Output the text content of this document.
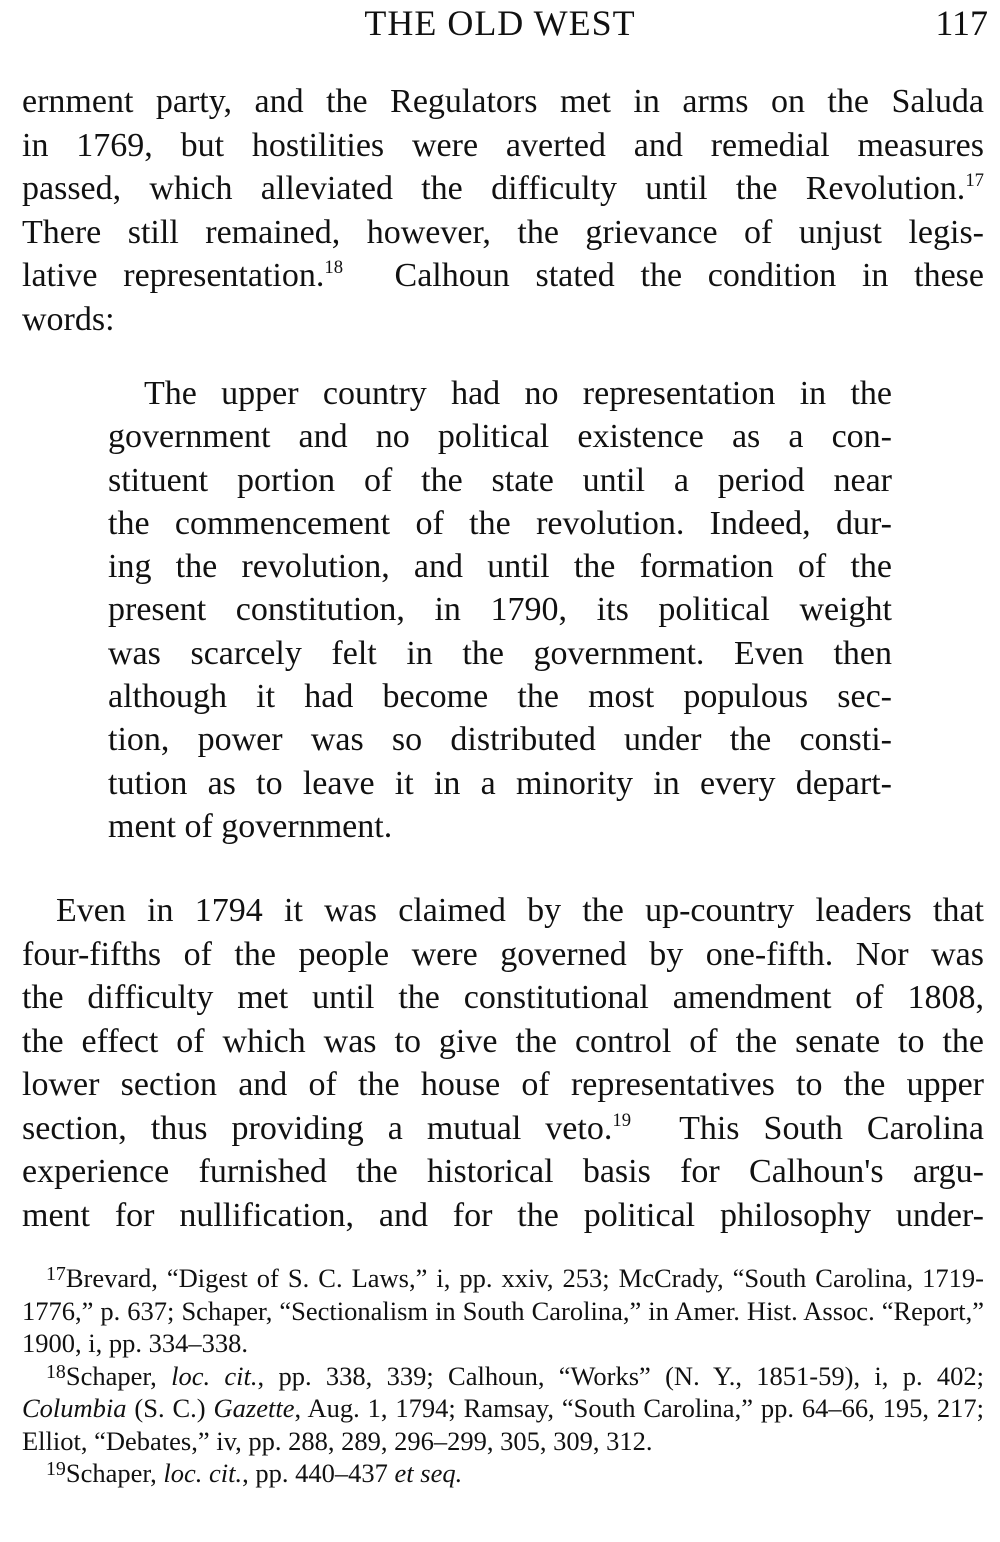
THE OLD WEST	117
ernment party, and the Regulators met in arms on the Saluda
in 1769, but hostilities were averted and remedial measures
passed, which alleviated the difficulty until the Revolution.$^{17}$
There still remained, however, the grievance of unjust legis-
lative representation.$^{18}$ Calhoun stated the condition in these
words:
The upper country had no representation in the
government and no political existence as a con-
stituent portion of the state until a period near
the commencement of the revolution. Indeed, dur-
ing the revolution, and until the formation of the
present constitution, in 1790, its political weight
was scarcely felt in the government. Even then
although it had become the most populous sec-
tion, power was so distributed under the consti-
tution as to leave it in a minority in every depart-
ment of government.
Even in 1794 it was claimed by the up-country leaders that
four-fifths of the people were governed by one-fifth. Nor was
the difficulty met until the constitutional amendment of 1808,
the effect of which was to give the control of the senate to the
lower section and of the house of representatives to the upper
section, thus providing a mutual veto.$^{19}$ This South Carolina
experience furnished the historical basis for Calhoun's argu-
ment for nullification, and for the political philosophy under-

$^{17}$Brevard, “Digest of S. C. Laws,” i, pp. xxiv, 253; McCrady, “South Carolina, 1719-1776,” p. 637; Schaper, “Sectionalism in South Carolina,” in Amer. Hist. Assoc. “Report,” 1900, i, pp. 334–338.

$^{18}$Schaper, loc. cit., pp. 338, 339; Calhoun, “Works” (N. Y., 1851-59), i, p. 402; Columbia (S. C.) Gazette, Aug. 1, 1794; Ramsay, “South Carolina,” pp. 64–66, 195, 217; Elliot, “Debates,” iv, pp. 288, 289, 296–299, 305, 309, 312.

$^{19}$Schaper, loc. cit., pp. 440–437 et seq.
